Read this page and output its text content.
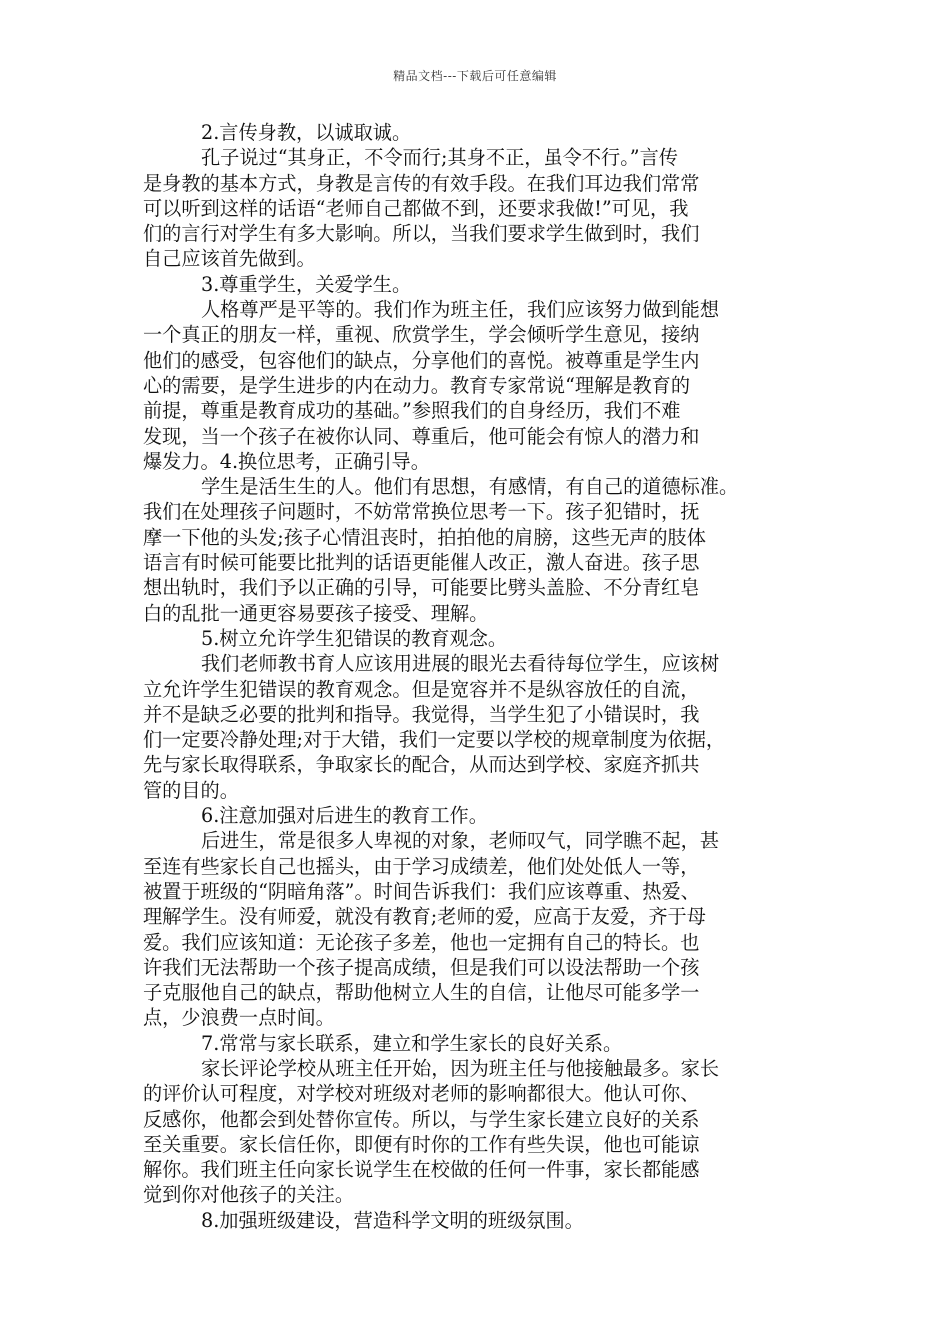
精品文档---下载后可任意编辑
2.言传身教，以诚取诚。
孔子说过“其身正，不令而行;其身不正，虽令不行。”言传
是身教的基本方式，身教是言传的有效手段。在我们耳边我们常常
可以听到这样的话语“老师自己都做不到，还要求我做!”可见，我
们的言行对学生有多大影响。所以，当我们要求学生做到时，我们
自己应该首先做到。
3.尊重学生，关爱学生。
人格尊严是平等的。我们作为班主任，我们应该努力做到能想
一个真正的朋友一样，重视、欣赏学生，学会倾听学生意见，接纳
他们的感受，包容他们的缺点，分享他们的喜悦。被尊重是学生内
心的需要，是学生进步的内在动力。教育专家常说“理解是教育的
前提，尊重是教育成功的基础。”参照我们的自身经历，我们不难
发现，当一个孩子在被你认同、尊重后，他可能会有惊人的潜力和
爆发力。4.换位思考，正确引导。
学生是活生生的人。他们有思想，有感情，有自己的道德标准。
我们在处理孩子问题时，不妨常常换位思考一下。孩子犯错时，抚
摩一下他的头发;孩子心情沮丧时，拍拍他的肩膀，这些无声的肢体
语言有时候可能要比批判的话语更能催人改正，激人奋进。孩子思
想出轨时，我们予以正确的引导，可能要比劈头盖脸、不分青红皂
白的乱批一通更容易要孩子接受、理解。
5.树立允许学生犯错误的教育观念。
我们老师教书育人应该用进展的眼光去看待每位学生，应该树
立允许学生犯错误的教育观念。但是宽容并不是纵容放任的自流，
并不是缺乏必要的批判和指导。我觉得，当学生犯了小错误时，我
们一定要冷静处理;对于大错，我们一定要以学校的规章制度为依据，
先与家长取得联系，争取家长的配合，从而达到学校、家庭齐抓共
管的目的。
6.注意加强对后进生的教育工作。
后进生，常是很多人卑视的对象，老师叹气，同学瞧不起，甚
至连有些家长自己也摇头，由于学习成绩差，他们处处低人一等，
被置于班级的“阴暗角落”。时间告诉我们：我们应该尊重、热爱、
理解学生。没有师爱，就没有教育;老师的爱，应高于友爱，齐于母
爱。我们应该知道：无论孩子多差，他也一定拥有自己的特长。也
许我们无法帮助一个孩子提高成绩，但是我们可以设法帮助一个孩
子克服他自己的缺点，帮助他树立人生的自信，让他尽可能多学一
点，少浪费一点时间。
7.常常与家长联系，建立和学生家长的良好关系。
家长评论学校从班主任开始，因为班主任与他接触最多。家长
的评价认可程度，对学校对班级对老师的影响都很大。他认可你、
反感你，他都会到处替你宣传。所以，与学生家长建立良好的关系
至关重要。家长信任你，即便有时你的工作有些失误，他也可能谅
解你。我们班主任向家长说学生在校做的任何一件事，家长都能感
觉到你对他孩子的关注。
8.加强班级建设，营造科学文明的班级氛围。
